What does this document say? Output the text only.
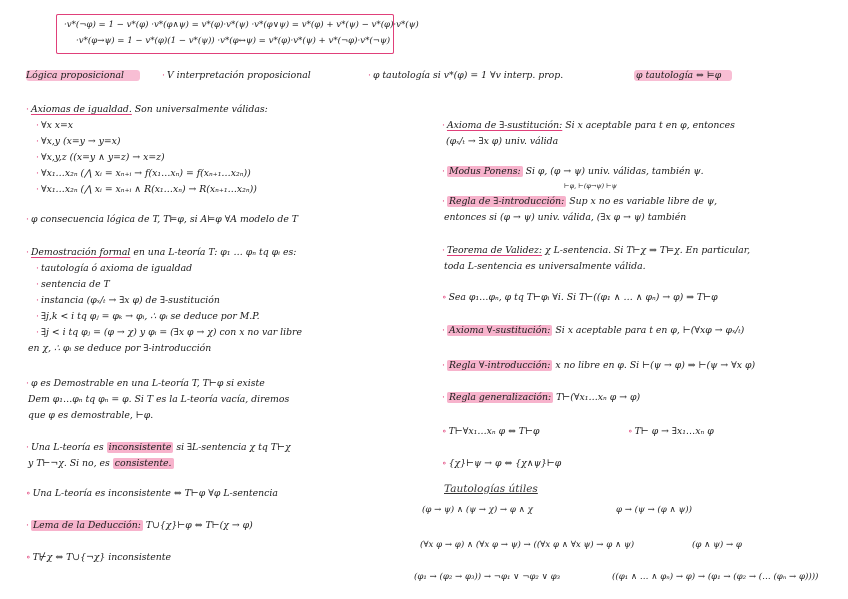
·v*(¬φ) = 1 − v*(φ) ·v*(φ∧ψ) = v*(φ)·v*(ψ) ·v*(φ∨ψ) = v*(φ) + v*(ψ) − v*(φ)·v*(ψ)
·v*(φ→ψ) = 1 − v*(φ)(1 − v*(ψ)) ·v*(φ↔ψ) = v*(φ)·v*(ψ) + v*(¬φ)·v*(¬ψ)
Lógica proposicional	· V interpretación proposicional	· φ tautología si v*(φ) = 1 ∀v interp. prop.	φ tautología ⇔ ⊨φ
· Axiomas de igualdad. Son universalmente válidas:
· ∀x x=x
· ∀x,y (x=y → y=x)
· ∀x,y,z ((x=y ∧ y=z) → x=z)
· ∀x₁…x₂ₙ (⋀ xᵢ = xₙ₊ᵢ → f(x₁…xₙ) = f(xₙ₊₁…x₂ₙ))
· ∀x₁…x₂ₙ (⋀ xᵢ = xₙ₊ᵢ ∧ R(x₁…xₙ) → R(xₙ₊₁…x₂ₙ))
· φ consecuencia lógica de T, T⊨φ, si A⊨φ ∀A modelo de T
· Demostración formal en una L-teoría T: φ₁ … φₙ tq φᵢ es:
· tautología ó axioma de igualdad
· sentencia de T
· instancia (φₓ/ₜ → ∃x φ) de ∃-sustitución
· ∃j,k < i tq φⱼ = φₖ → φᵢ, ∴ φᵢ se deduce por M.P.
· ∃j < i tq φⱼ = (φ → χ) y φᵢ = (∃x φ → χ) con x no var libre
en χ, ∴ φᵢ se deduce por ∃-introducción
· φ es Demostrable en una L-teoría T, T⊢φ si existe
Dem φ₁…φₙ tq φₙ = φ. Si T es la L-teoría vacía, diremos
que φ es demostrable, ⊢φ.
· Una L-teoría es inconsistente si ∃L-sentencia χ tq T⊢χ
y T⊢¬χ. Si no, es consistente.
∘ Una L-teoría es inconsistente ⇔ T⊢φ ∀φ L-sentencia
· Lema de la Deducción: T∪{χ}⊢φ ⇔ T⊢(χ → φ)
∘ T⊬χ ⇔ T∪{¬χ} inconsistente
· Axioma de ∃-sustitución: Si x aceptable para t en φ, entonces
(φₓ/ₜ → ∃x φ) univ. válida
· Modus Ponens: Si φ, (φ → ψ) univ. válidas, también ψ.
⊢φ, ⊢(φ→ψ) ⊢ψ
· Regla de ∃-introducción: Sup x no es variable libre de ψ,
entonces si (φ → ψ) univ. válida, (∃x φ → ψ) también
· Teorema de Validez: χ L-sentencia. Si T⊢χ ⇒ T⊨χ. En particular,
toda L-sentencia es universalmente válida.
∘ Sea φ₁…φₙ, φ tq T⊢φᵢ ∀i. Si T⊢((φ₁ ∧ … ∧ φₙ) → φ) ⇒ T⊢φ
· Axioma ∀-sustitución: Si x aceptable para t en φ, ⊢(∀xφ → φₓ/ₜ)
· Regla ∀-introducción: x no libre en φ. Si ⊢(ψ → φ) ⇒ ⊢(ψ → ∀x φ)
· Regla generalización: T⊢(∀x₁…xₙ φ → φ)
∘ T⊢∀x₁…xₙ φ ⇔ T⊢φ	∘ T⊢ φ → ∃x₁…xₙ φ
∘ {χ}⊢ψ → φ ⇔ {χ∧ψ}⊢φ
Tautologías útiles
(φ → ψ) ∧ (ψ → χ) → φ ∧ χ	φ → (ψ → (φ ∧ ψ))
(∀x φ → φ) ∧ (∀x φ → ψ) → ((∀x φ ∧ ∀x ψ) → φ ∧ ψ)	(φ ∧ ψ) → φ
(φ₁ → (φ₂ → φ₃)) → ¬φ₁ ∨ ¬φ₂ ∨ φ₃	((φ₁ ∧ … ∧ φₙ) → φ) → (φ₁ → (φ₂ → (… (φₙ → φ))))
